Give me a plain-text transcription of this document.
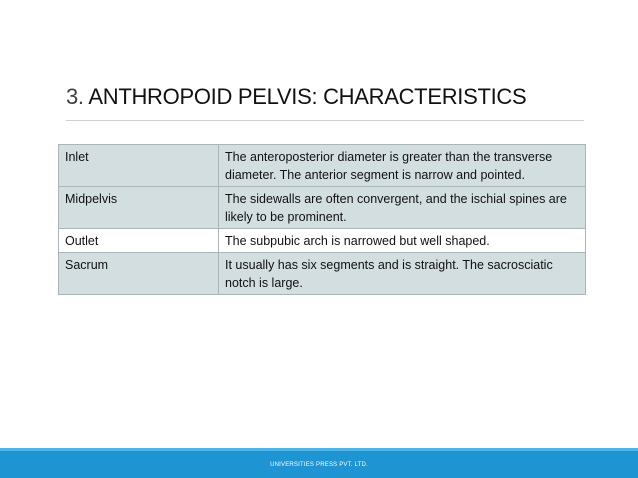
3. ANTHROPOID PELVIS: CHARACTERISTICS
Inlet	The anteroposterior diameter is greater than the transverse diameter. The anterior segment is narrow and pointed.
Midpelvis	The sidewalls are often convergent, and the ischial spines are likely to be prominent.
Outlet	The subpubic arch is narrowed but well shaped.
Sacrum	It usually has six segments and is straight. The sacrosciatic notch is large.
UNIVERSITIES PRESS PVT. LTD.
